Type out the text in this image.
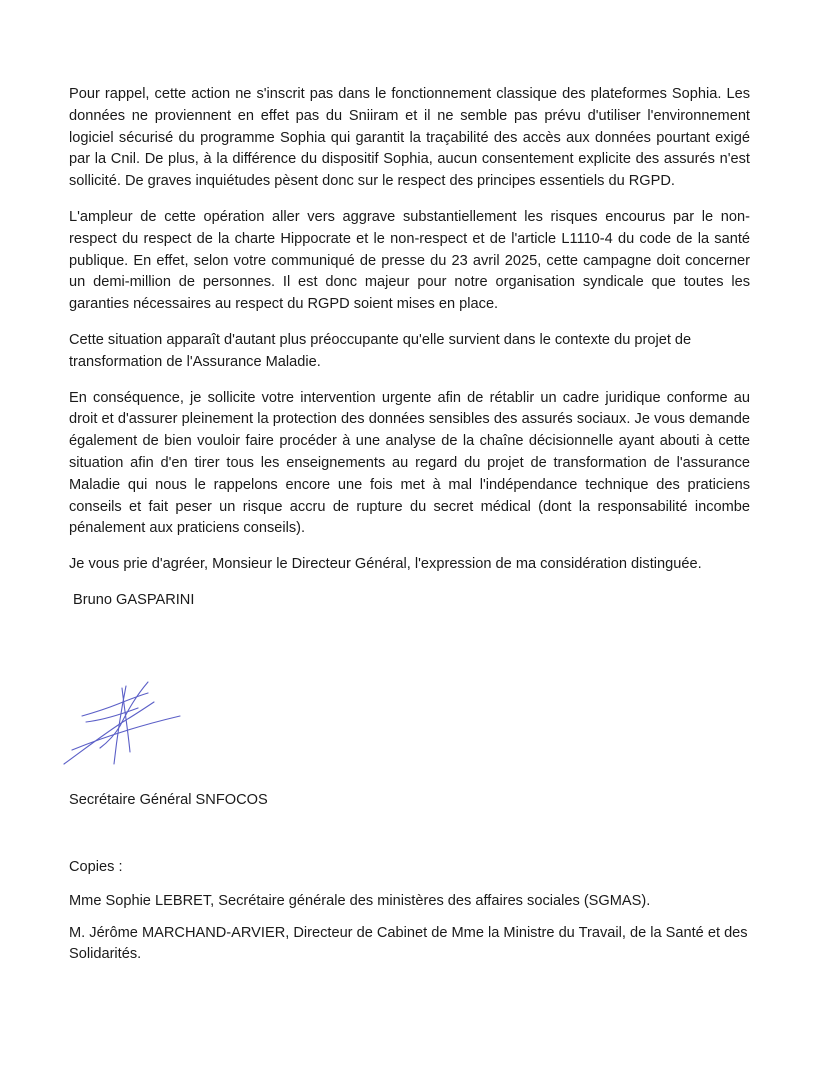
Pour rappel, cette action ne s'inscrit pas dans le fonctionnement classique des plateformes Sophia. Les données ne proviennent en effet pas du Sniiram et il ne semble pas prévu d'utiliser l'environnement logiciel sécurisé du programme Sophia qui garantit la traçabilité des accès aux données pourtant exigé par la Cnil. De plus, à la différence du dispositif Sophia, aucun consentement explicite des assurés n'est sollicité. De graves inquiétudes pèsent donc sur le respect des principes essentiels du RGPD.

L'ampleur de cette opération aller vers aggrave substantiellement les risques encourus par le non-respect du respect de la charte Hippocrate et le non-respect et de l'article L1110-4 du code de la santé publique. En effet, selon votre communiqué de presse du 23 avril 2025, cette campagne doit concerner un demi-million de personnes. Il est donc majeur pour notre organisation syndicale que toutes les garanties nécessaires au respect du RGPD soient mises en place.

Cette situation apparaît d'autant plus préoccupante qu'elle survient dans le contexte du projet de transformation de l'Assurance Maladie.

En conséquence, je sollicite votre intervention urgente afin de rétablir un cadre juridique conforme au droit et d'assurer pleinement la protection des données sensibles des assurés sociaux. Je vous demande également de bien vouloir faire procéder à une analyse de la chaîne décisionnelle ayant abouti à cette situation afin d'en tirer tous les enseignements au regard du projet de transformation de l'assurance Maladie qui nous le rappelons encore une fois met à mal l'indépendance technique des praticiens conseils et fait peser un risque accru de rupture du secret médical (dont la responsabilité incombe pénalement aux praticiens conseils).

Je vous prie d'agréer, Monsieur le Directeur Général, l'expression de ma considération distinguée.

Bruno GASPARINI

Secrétaire Général SNFOCOS

Copies :

Mme Sophie LEBRET, Secrétaire générale des ministères des affaires sociales (SGMAS).

M. Jérôme MARCHAND-ARVIER, Directeur de Cabinet de Mme la Ministre du Travail, de la Santé et des Solidarités.
